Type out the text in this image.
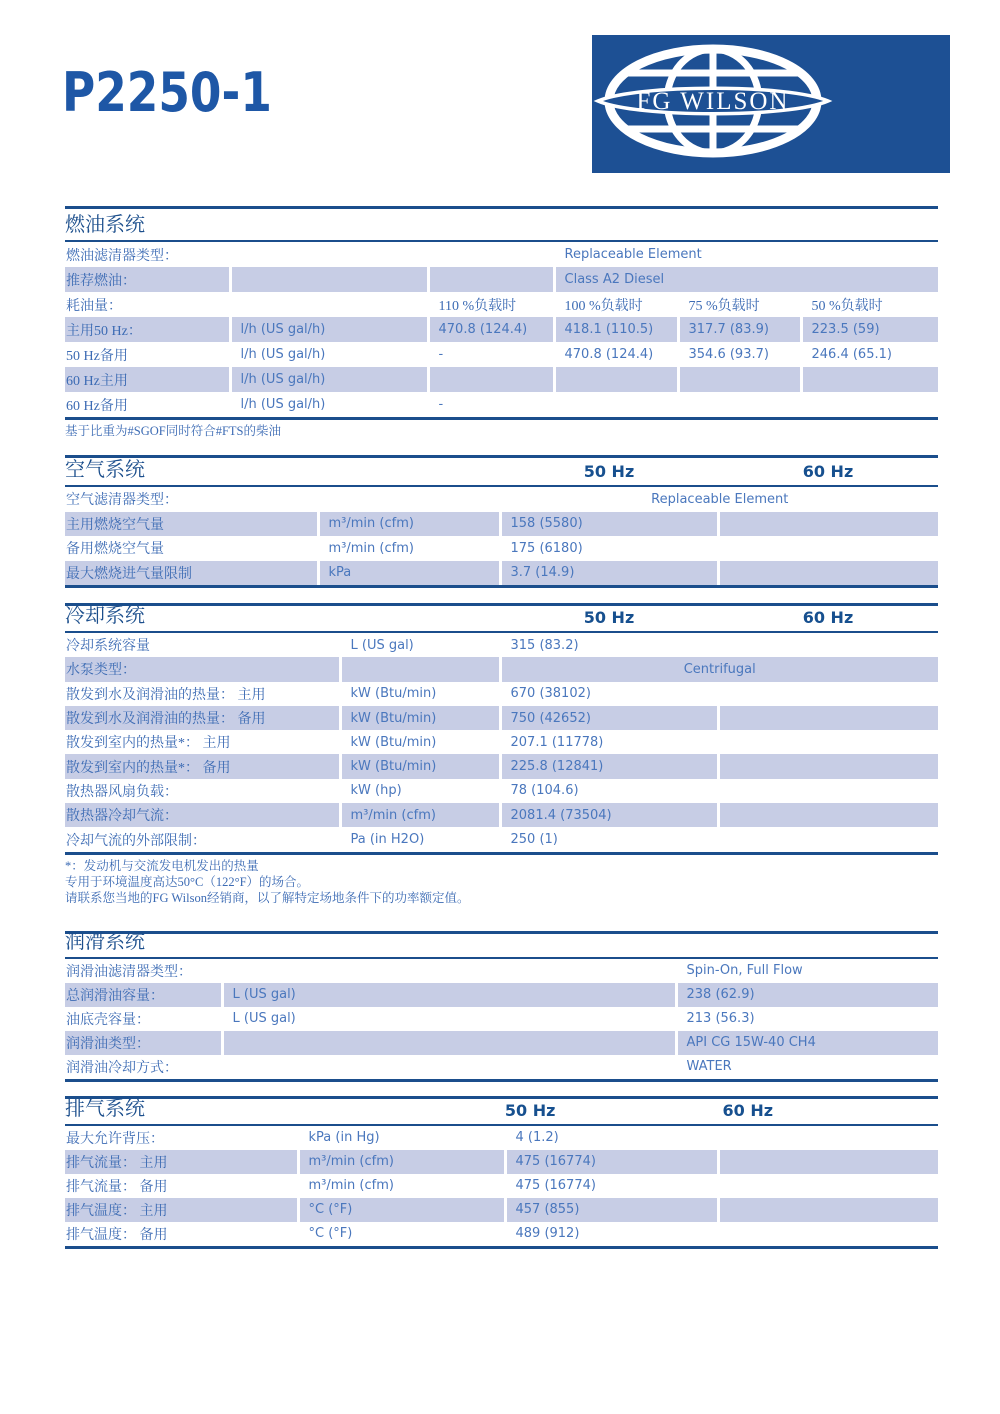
P2250-1	FG WILSON
燃油系统
燃油滤清器类型：			Replaceable Element		
推荐燃油：			Class A2 Diesel		
耗油量：		110 %负载时	100 %负载时	75 %负载时	50 %负载时
主用50 Hz：	l/h (US gal/h)	470.8 (124.4)	418.1 (110.5)	317.7 (83.9)	223.5 (59)
50 Hz备用	l/h (US gal/h)	-	470.8 (124.4)	354.6 (93.7)	246.4 (65.1)
60 Hz主用	l/h (US gal/h)				
60 Hz备用	l/h (US gal/h)	-			
基于比重为#SGOF同时符合#FTS的柴油
空气系统	50 Hz	60 Hz
空气滤清器类型：		Replaceable Element	
主用燃烧空气量	m³/min (cfm)	158 (5580)	
备用燃烧空气量	m³/min (cfm)	175 (6180)	
最大燃烧进气量限制	kPa	3.7 (14.9)	
冷却系统	50 Hz	60 Hz
冷却系统容量	L (US gal)	315 (83.2)	
水泵类型：		Centrifugal	
散发到水及润滑油的热量： 主用	kW (Btu/min)	670 (38102)	
散发到水及润滑油的热量： 备用	kW (Btu/min)	750 (42652)	
散发到室内的热量*： 主用	kW (Btu/min)	207.1 (11778)	
散发到室内的热量*： 备用	kW (Btu/min)	225.8 (12841)	
散热器风扇负载：	kW (hp)	78 (104.6)	
散热器冷却气流：	m³/min (cfm)	2081.4 (73504)	
冷却气流的外部限制：	Pa (in H2O)	250 (1)	
*：发动机与交流发电机发出的热量
专用于环境温度高达50°C（122°F）的场合。
请联系您当地的FG Wilson经销商，以了解特定场地条件下的功率额定值。
润滑系统
润滑油滤清器类型：		Spin-On, Full Flow
总润滑油容量：	L (US gal)	238 (62.9)
油底壳容量：	L (US gal)	213 (56.3)
润滑油类型：		API CG 15W-40 CH4
润滑油冷却方式：		WATER
排气系统	50 Hz	60 Hz
最大允许背压：	kPa (in Hg)	4 (1.2)	
排气流量： 主用	m³/min (cfm)	475 (16774)	
排气流量： 备用	m³/min (cfm)	475 (16774)	
排气温度： 主用	°C (°F)	457 (855)	
排气温度： 备用	°C (°F)	489 (912)	
